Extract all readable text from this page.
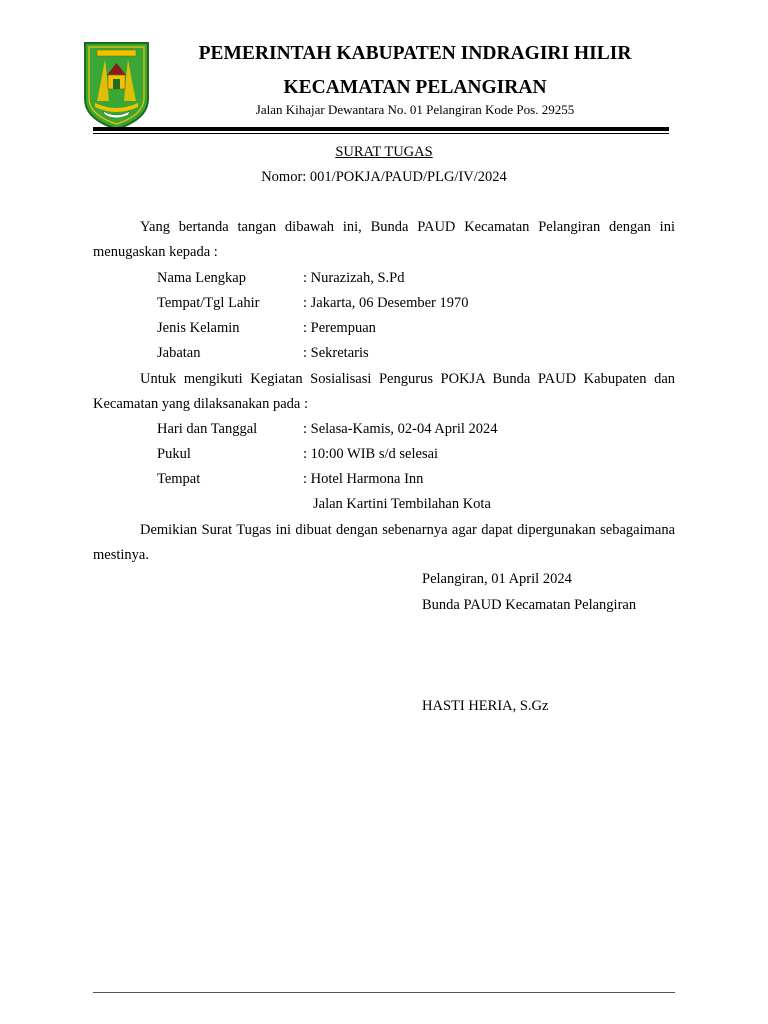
PEMERINTAH KABUPATEN INDRAGIRI HILIR
KECAMATAN PELANGIRAN
Jalan Kihajar Dewantara No. 01 Pelangiran Kode Pos. 29255
SURAT TUGAS
Nomor: 001/POKJA/PAUD/PLG/IV/2024
Yang bertanda tangan dibawah ini, Bunda PAUD Kecamatan Pelangiran dengan ini menugaskan kepada :
Nama Lengkap	: Nurazizah, S.Pd
Tempat/Tgl Lahir	: Jakarta, 06 Desember 1970
Jenis Kelamin	: Perempuan
Jabatan	: Sekretaris
Untuk mengikuti Kegiatan Sosialisasi Pengurus POKJA Bunda PAUD Kabupaten dan Kecamatan yang dilaksanakan pada :
Hari dan Tanggal	: Selasa-Kamis, 02-04 April 2024
Pukul	: 10:00 WIB s/d selesai
Tempat	: Hotel Harmona Inn
Jalan Kartini Tembilahan Kota
Demikian Surat Tugas ini dibuat dengan sebenarnya agar dapat dipergunakan sebagaimana mestinya.
Pelangiran, 01 April 2024
Bunda PAUD Kecamatan Pelangiran
HASTI HERIA, S.Gz
